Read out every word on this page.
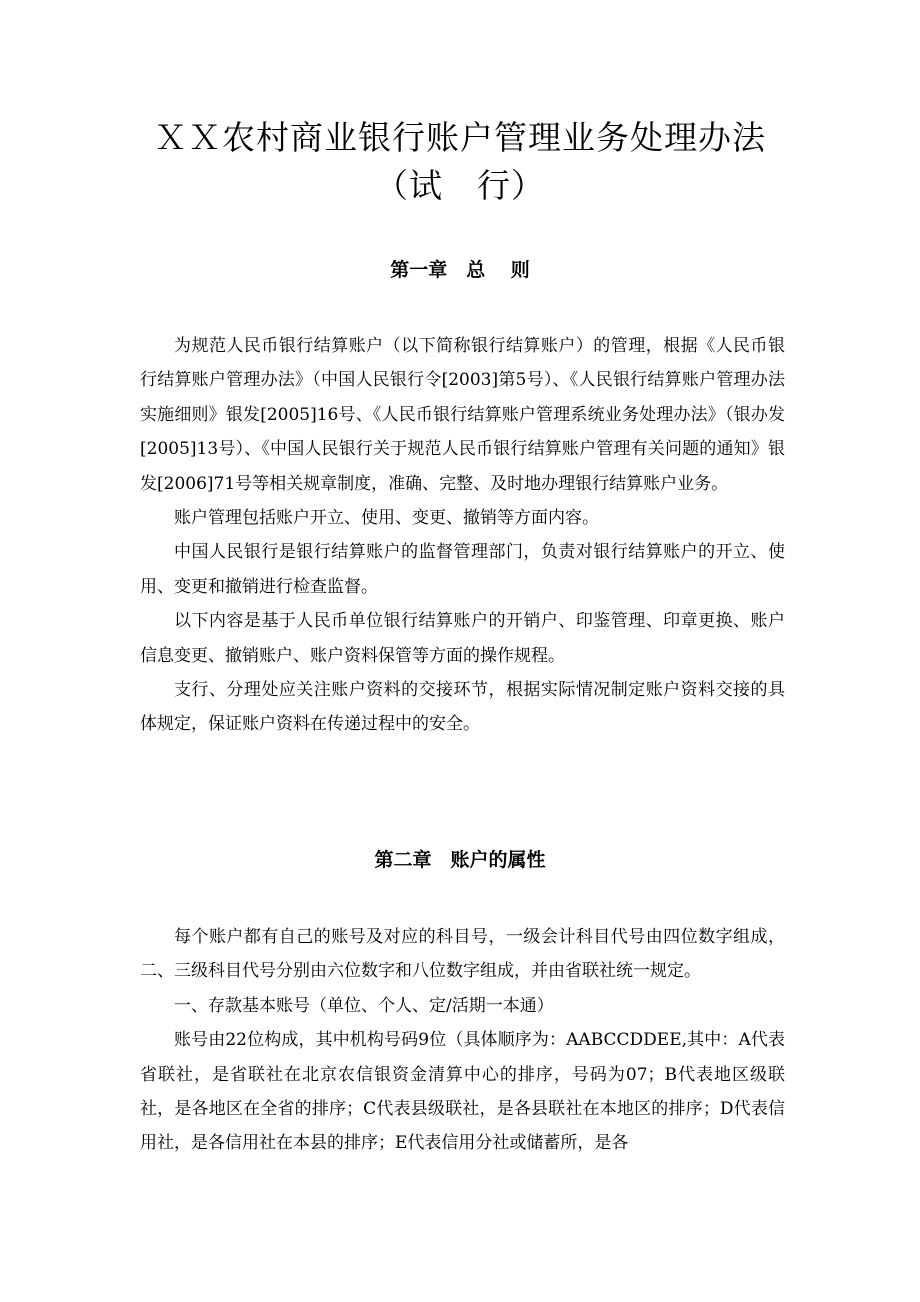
ＸＸ农村商业银行账户管理业务处理办法
（试　行）
第一章　总　 则

为规范人民币银行结算账户（以下简称银行结算账户）的管理，根据《人民币银行结算账户管理办法》（中国人民银行令[2003]第5号）、《人民银行结算账户管理办法实施细则》银发[2005]16号、《人民币银行结算账户管理系统业务处理办法》（银办发[2005]13号）、《中国人民银行关于规范人民币银行结算账户管理有关问题的通知》银发[2006]71号等相关规章制度，准确、完整、及时地办理银行结算账户业务。

账户管理包括账户开立、使用、变更、撤销等方面内容。

中国人民银行是银行结算账户的监督管理部门，负责对银行结算账户的开立、使用、变更和撤销进行检查监督。

以下内容是基于人民币单位银行结算账户的开销户、印鉴管理、印章更换、账户信息变更、撤销账户、账户资料保管等方面的操作规程。

支行、分理处应关注账户资料的交接环节，根据实际情况制定账户资料交接的具体规定，保证账户资料在传递过程中的安全。

第二章　账户的属性

每个账户都有自己的账号及对应的科目号，一级会计科目代号由四位数字组成，二、三级科目代号分别由六位数字和八位数字组成，并由省联社统一规定。

一、存款基本账号（单位、个人、定/活期一本通）

账号由22位构成，其中机构号码9位（具体顺序为：AABCCDDEE,其中：A代表省联社，是省联社在北京农信银资金清算中心的排序，号码为07；B代表地区级联社，是各地区在全省的排序；C代表县级联社，是各县联社在本地区的排序；D代表信用社，是各信用社在本县的排序；E代表信用分社或储蓄所，是各
